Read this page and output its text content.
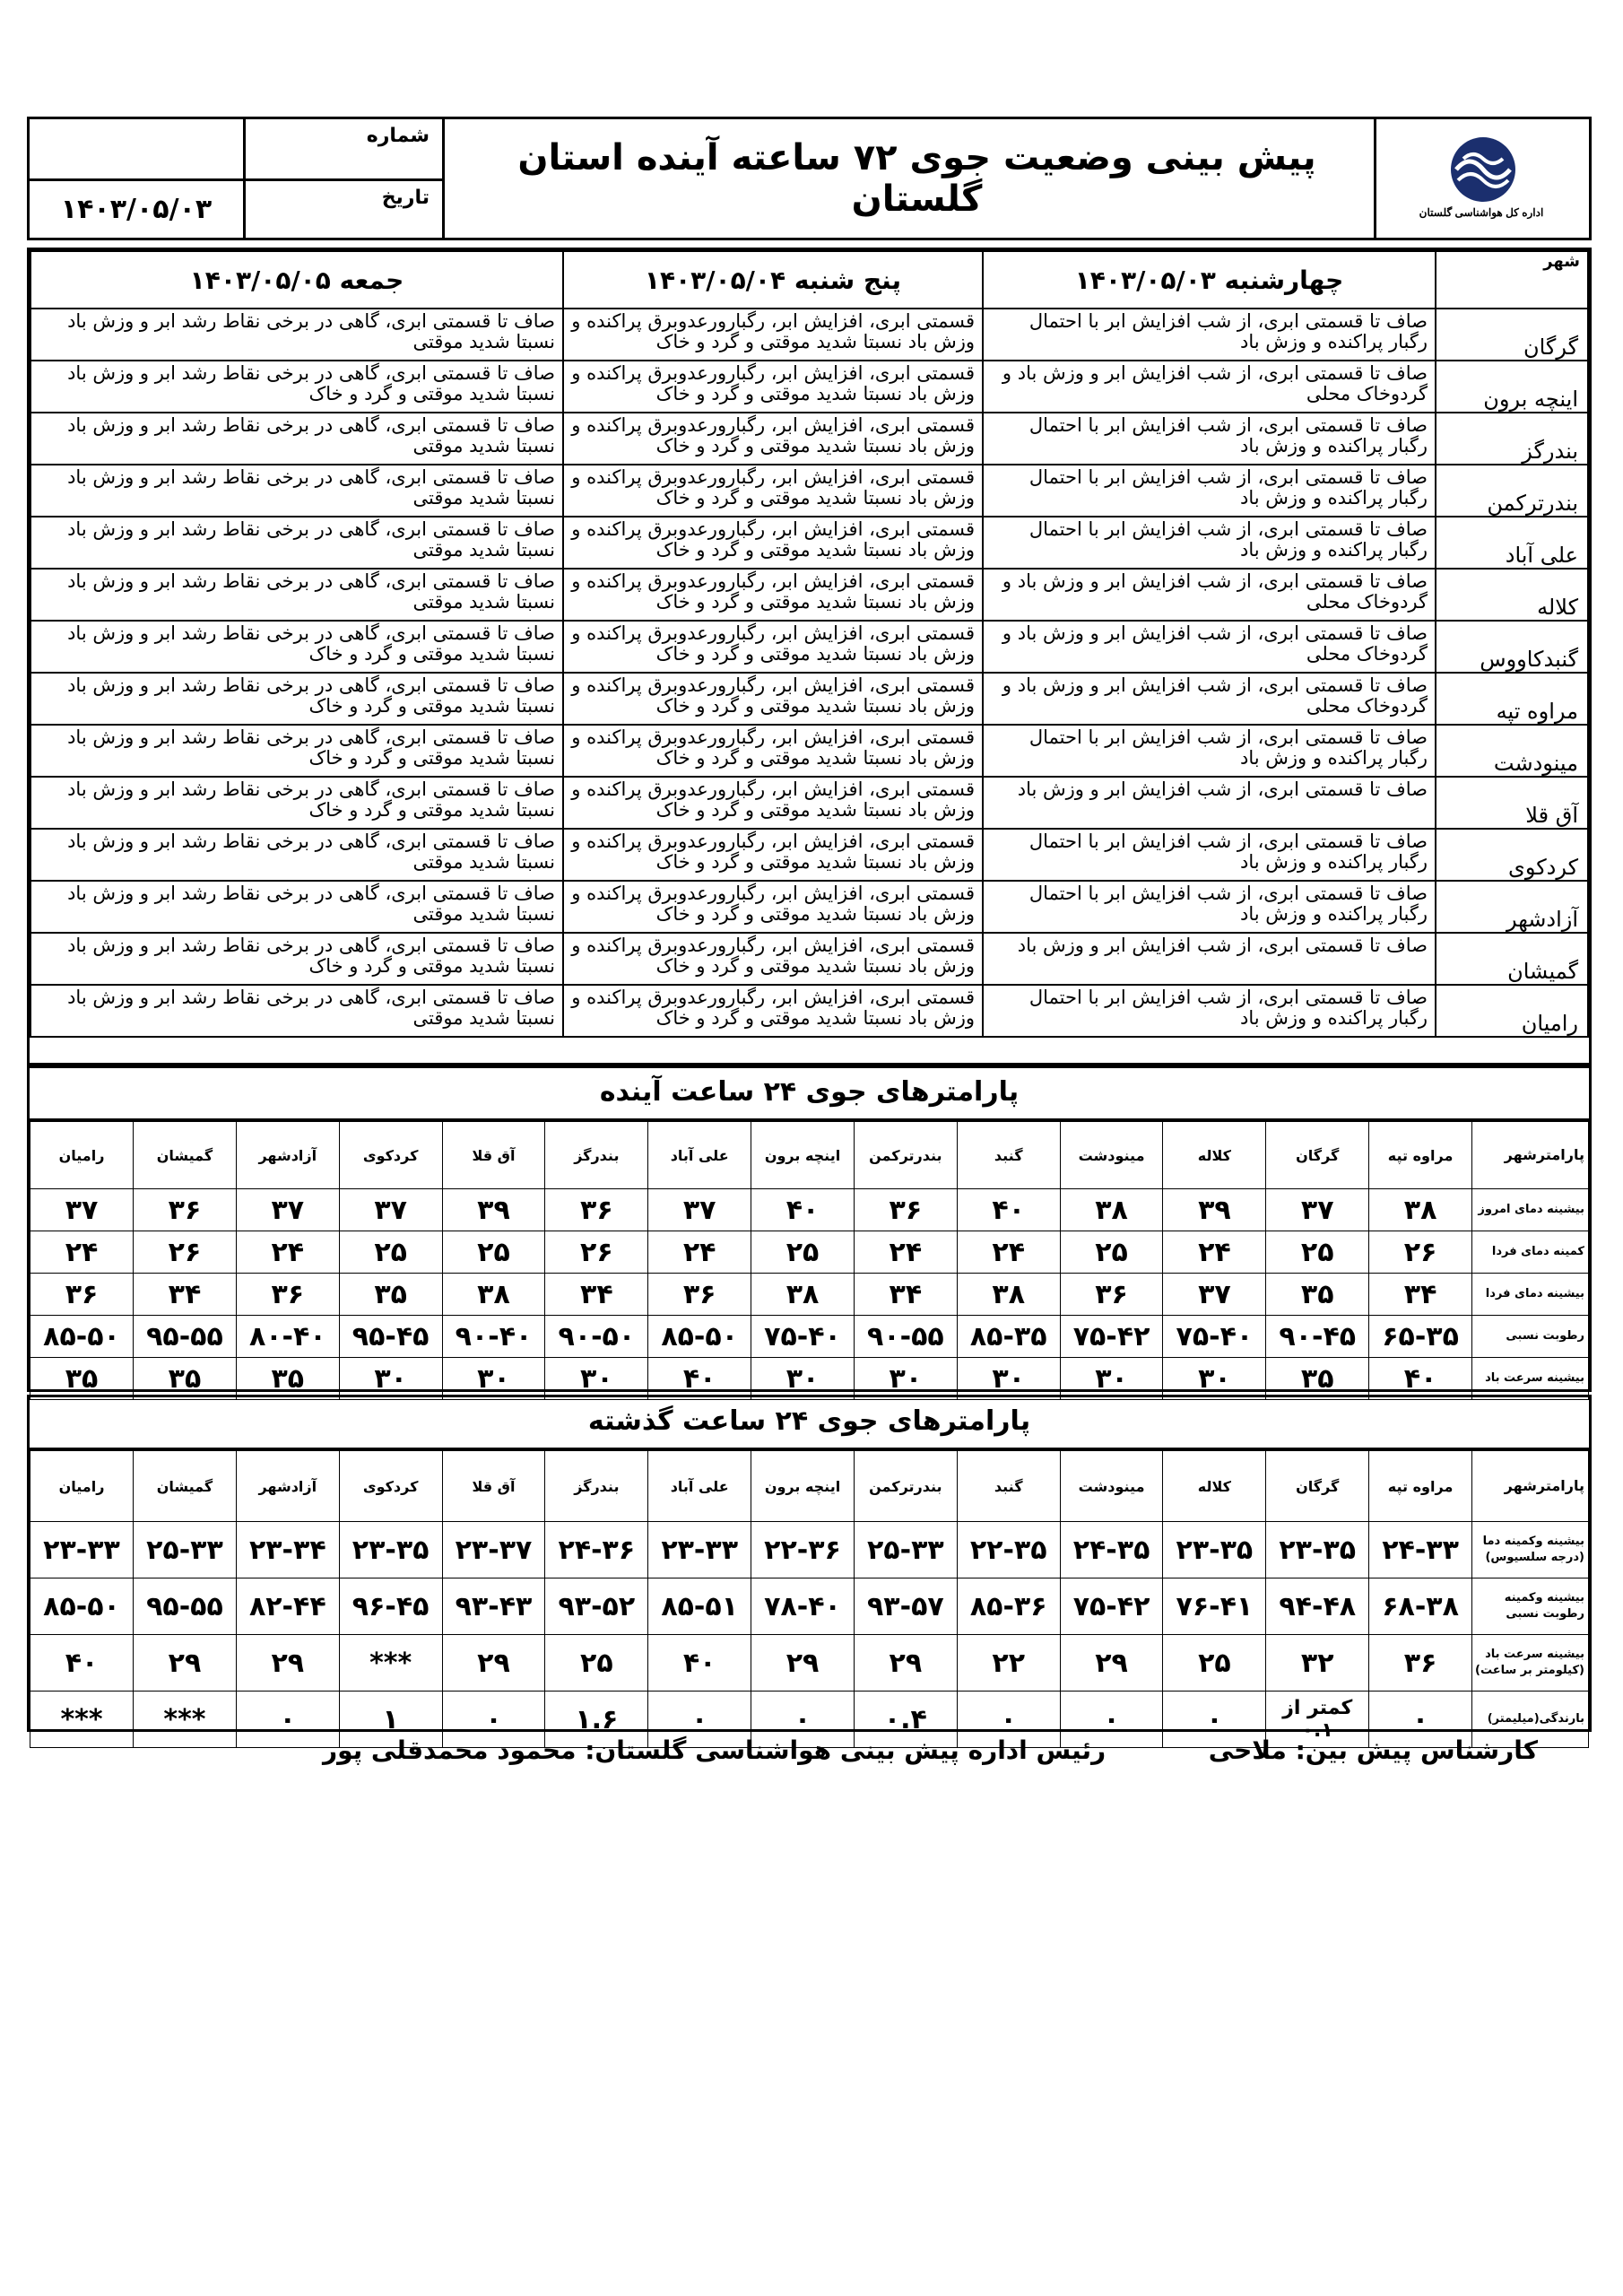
اداره کل هواشناسی گلستان
پیش بینی وضعیت جوی ۷۲ ساعته آینده استان گلستان
شماره
تاریخ
۱۴۰۳/۰۵/۰۳
شهر	چهارشنبه ۱۴۰۳/۰۵/۰۳	پنج شنبه ۱۴۰۳/۰۵/۰۴	جمعه ۱۴۰۳/۰۵/۰۵
گرگان	صاف تا قسمتی ابری، از شب افزایش ابر با احتمال رگبار پراکنده و وزش باد	قسمتی ابری، افزایش ابر، رگبارورعدوبرق پراکنده و وزش باد نسبتا شدید موقتی و گرد و خاک	صاف تا قسمتی ابری، گاهی در برخی نقاط رشد ابر و وزش باد نسبتا شدید موقتی
اینچه برون	صاف تا قسمتی ابری، از شب افزایش ابر و وزش باد و گردوخاک محلی	قسمتی ابری، افزایش ابر، رگبارورعدوبرق پراکنده و وزش باد نسبتا شدید موقتی و گرد و خاک	صاف تا قسمتی ابری، گاهی در برخی نقاط رشد ابر و وزش باد نسبتا شدید موقتی و گرد و خاک
بندرگز	صاف تا قسمتی ابری، از شب افزایش ابر با احتمال رگبار پراکنده و وزش باد	قسمتی ابری، افزایش ابر، رگبارورعدوبرق پراکنده و وزش باد نسبتا شدید موقتی و گرد و خاک	صاف تا قسمتی ابری، گاهی در برخی نقاط رشد ابر و وزش باد نسبتا شدید موقتی
بندرترکمن	صاف تا قسمتی ابری، از شب افزایش ابر با احتمال رگبار پراکنده و وزش باد	قسمتی ابری، افزایش ابر، رگبارورعدوبرق پراکنده و وزش باد نسبتا شدید موقتی و گرد و خاک	صاف تا قسمتی ابری، گاهی در برخی نقاط رشد ابر و وزش باد نسبتا شدید موقتی
علی آباد	صاف تا قسمتی ابری، از شب افزایش ابر با احتمال رگبار پراکنده و وزش باد	قسمتی ابری، افزایش ابر، رگبارورعدوبرق پراکنده و وزش باد نسبتا شدید موقتی و گرد و خاک	صاف تا قسمتی ابری، گاهی در برخی نقاط رشد ابر و وزش باد نسبتا شدید موقتی
کلاله	صاف تا قسمتی ابری، از شب افزایش ابر و وزش باد و گردوخاک محلی	قسمتی ابری، افزایش ابر، رگبارورعدوبرق پراکنده و وزش باد نسبتا شدید موقتی و گرد و خاک	صاف تا قسمتی ابری، گاهی در برخی نقاط رشد ابر و وزش باد نسبتا شدید موقتی
گنبدکاووس	صاف تا قسمتی ابری، از شب افزایش ابر و وزش باد و گردوخاک محلی	قسمتی ابری، افزایش ابر، رگبارورعدوبرق پراکنده و وزش باد نسبتا شدید موقتی و گرد و خاک	صاف تا قسمتی ابری، گاهی در برخی نقاط رشد ابر و وزش باد نسبتا شدید موقتی و گرد و خاک
مراوه تپه	صاف تا قسمتی ابری، از شب افزایش ابر و وزش باد و گردوخاک محلی	قسمتی ابری، افزایش ابر، رگبارورعدوبرق پراکنده و وزش باد نسبتا شدید موقتی و گرد و خاک	صاف تا قسمتی ابری، گاهی در برخی نقاط رشد ابر و وزش باد نسبتا شدید موقتی و گرد و خاک
مینودشت	صاف تا قسمتی ابری، از شب افزایش ابر با احتمال رگبار پراکنده و وزش باد	قسمتی ابری، افزایش ابر، رگبارورعدوبرق پراکنده و وزش باد نسبتا شدید موقتی و گرد و خاک	صاف تا قسمتی ابری، گاهی در برخی نقاط رشد ابر و وزش باد نسبتا شدید موقتی و گرد و خاک
آق قلا	صاف تا قسمتی ابری، از شب افزایش ابر و وزش باد	قسمتی ابری، افزایش ابر، رگبارورعدوبرق پراکنده و وزش باد نسبتا شدید موقتی و گرد و خاک	صاف تا قسمتی ابری، گاهی در برخی نقاط رشد ابر و وزش باد نسبتا شدید موقتی و گرد و خاک
کردکوی	صاف تا قسمتی ابری، از شب افزایش ابر با احتمال رگبار پراکنده و وزش باد	قسمتی ابری، افزایش ابر، رگبارورعدوبرق پراکنده و وزش باد نسبتا شدید موقتی و گرد و خاک	صاف تا قسمتی ابری، گاهی در برخی نقاط رشد ابر و وزش باد نسبتا شدید موقتی
آزادشهر	صاف تا قسمتی ابری، از شب افزایش ابر با احتمال رگبار پراکنده و وزش باد	قسمتی ابری، افزایش ابر، رگبارورعدوبرق پراکنده و وزش باد نسبتا شدید موقتی و گرد و خاک	صاف تا قسمتی ابری، گاهی در برخی نقاط رشد ابر و وزش باد نسبتا شدید موقتی
گمیشان	صاف تا قسمتی ابری، از شب افزایش ابر و وزش باد	قسمتی ابری، افزایش ابر، رگبارورعدوبرق پراکنده و وزش باد نسبتا شدید موقتی و گرد و خاک	صاف تا قسمتی ابری، گاهی در برخی نقاط رشد ابر و وزش باد نسبتا شدید موقتی و گرد و خاک
رامیان	صاف تا قسمتی ابری، از شب افزایش ابر با احتمال رگبار پراکنده و وزش باد	قسمتی ابری، افزایش ابر، رگبارورعدوبرق پراکنده و وزش باد نسبتا شدید موقتی و گرد و خاک	صاف تا قسمتی ابری، گاهی در برخی نقاط رشد ابر و وزش باد نسبتا شدید موقتی
پارامترهای جوی ۲۴ ساعت آینده
پارامترشهر	مراوه تپه	گرگان	کلاله	مینودشت	گنبد	بندرترکمن	اینچه برون	علی آباد	بندرگز	آق قلا	کردکوی	آزادشهر	گمیشان	رامیان
بیشینه دمای امروز	۳۸	۳۷	۳۹	۳۸	۴۰	۳۶	۴۰	۳۷	۳۶	۳۹	۳۷	۳۷	۳۶	۳۷
کمینه دمای فردا	۲۶	۲۵	۲۴	۲۵	۲۴	۲۴	۲۵	۲۴	۲۶	۲۵	۲۵	۲۴	۲۶	۲۴
بیشینه دمای فردا	۳۴	۳۵	۳۷	۳۶	۳۸	۳۴	۳۸	۳۶	۳۴	۳۸	۳۵	۳۶	۳۴	۳۶
رطوبت نسبی	۶۵-۳۵	۹۰-۴۵	۷۵-۴۰	۷۵-۴۲	۸۵-۳۵	۹۰-۵۵	۷۵-۴۰	۸۵-۵۰	۹۰-۵۰	۹۰-۴۰	۹۵-۴۵	۸۰-۴۰	۹۵-۵۵	۸۵-۵۰
بیشینه سرعت باد	۴۰	۳۵	۳۰	۳۰	۳۰	۳۰	۳۰	۴۰	۳۰	۳۰	۳۰	۳۵	۳۵	۳۵
پارامترهای جوی ۲۴ ساعت گذشته
پارامترشهر	مراوه تپه	گرگان	کلاله	مینودشت	گنبد	بندرترکمن	اینچه برون	علی آباد	بندرگز	آق قلا	کردکوی	آزادشهر	گمیشان	رامیان
بیشینه وکمینه دما (درجه سلسیوس)	۲۴-۳۳	۲۳-۳۵	۲۳-۳۵	۲۴-۳۵	۲۲-۳۵	۲۵-۳۳	۲۲-۳۶	۲۳-۳۳	۲۴-۳۶	۲۳-۳۷	۲۳-۳۵	۲۳-۳۴	۲۵-۳۳	۲۳-۳۳
بیشینه وکمینه رطوبت نسبی	۶۸-۳۸	۹۴-۴۸	۷۶-۴۱	۷۵-۴۲	۸۵-۳۶	۹۳-۵۷	۷۸-۴۰	۸۵-۵۱	۹۳-۵۲	۹۳-۴۳	۹۶-۴۵	۸۲-۴۴	۹۵-۵۵	۸۵-۵۰
بیشینه سرعت باد (کیلومتر بر ساعت)	۳۶	۳۲	۲۵	۲۹	۲۲	۲۹	۲۹	۴۰	۲۵	۲۹	***	۲۹	۲۹	۴۰
بارندگی(میلیمتر)	۰	کمتر از ۰.۱	۰	۰	۰	۰.۴	۰	۰	۱.۶	۰	۱	۰	***	***
کارشناس پیش بین: ملاحی
رئیس اداره پیش بینی هواشناسی گلستان: محمود محمدقلی پور
